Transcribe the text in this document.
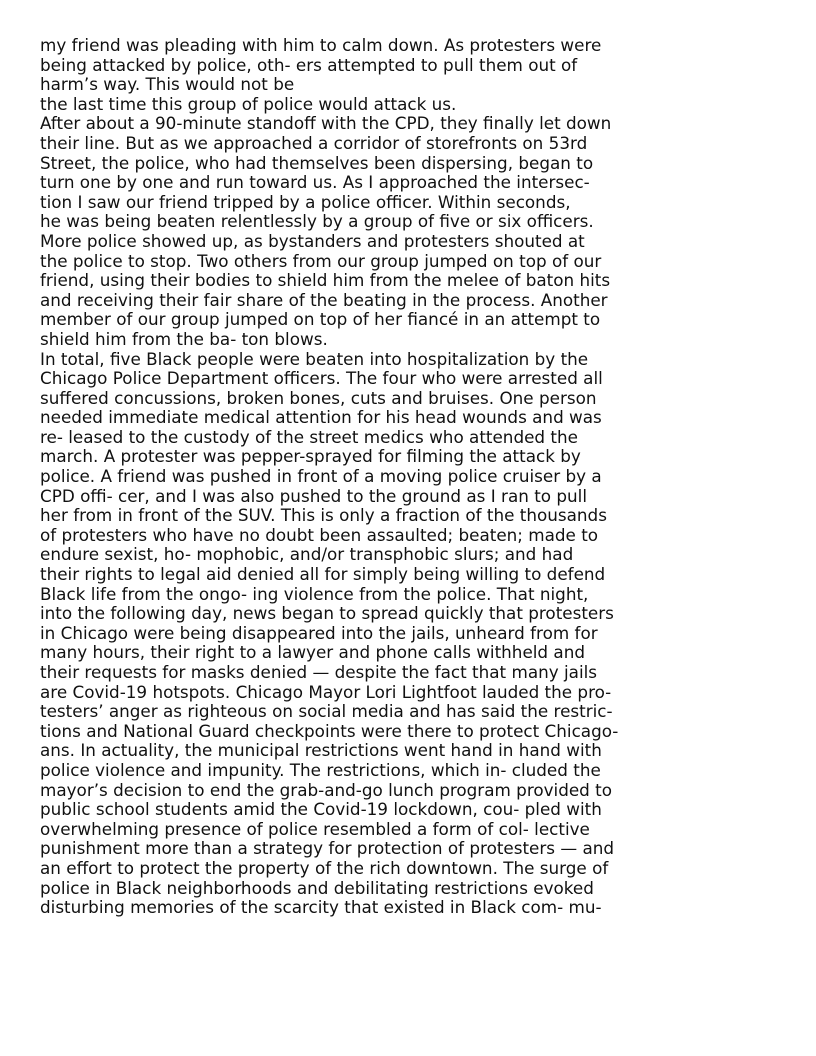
my friend was pleading with him to calm down. As protesters were
being attacked by police, oth- ers attempted to pull them out of
harm’s way. This would not be
the last time this group of police would attack us.
After about a 90-minute standoff with the CPD, they finally let down
their line. But as we approached a corridor of storefronts on 53rd
Street, the police, who had themselves been dispersing, began to
turn one by one and run toward us. As I approached the intersec-
tion I saw our friend tripped by a police officer. Within seconds,
he was being beaten relentlessly by a group of five or six officers.
More police showed up, as bystanders and protesters shouted at
the police to stop. Two others from our group jumped on top of our
friend, using their bodies to shield him from the melee of baton hits
and receiving their fair share of the beating in the process. Another
member of our group jumped on top of her fiancé in an attempt to
shield him from the ba- ton blows.
In total, five Black people were beaten into hospitalization by the
Chicago Police Department officers. The four who were arrested all
suffered concussions, broken bones, cuts and bruises. One person
needed immediate medical attention for his head wounds and was
re- leased to the custody of the street medics who attended the
march. A protester was pepper-sprayed for filming the attack by
police. A friend was pushed in front of a moving police cruiser by a
CPD offi- cer, and I was also pushed to the ground as I ran to pull
her from in front of the SUV. This is only a fraction of the thousands
of protesters who have no doubt been assaulted; beaten; made to
endure sexist, ho- mophobic, and/or transphobic slurs; and had
their rights to legal aid denied all for simply being willing to defend
Black life from the ongo- ing violence from the police. That night,
into the following day, news began to spread quickly that protesters
in Chicago were being disappeared into the jails, unheard from for
many hours, their right to a lawyer and phone calls withheld and
their requests for masks denied — despite the fact that many jails
are Covid-19 hotspots. Chicago Mayor Lori Lightfoot lauded the pro-
testers’ anger as righteous on social media and has said the restric-
tions and National Guard checkpoints were there to protect Chicago-
ans. In actuality, the municipal restrictions went hand in hand with
police violence and impunity. The restrictions, which in- cluded the
mayor’s decision to end the grab-and-go lunch program provided to
public school students amid the Covid-19 lockdown, cou- pled with
overwhelming presence of police resembled a form of col- lective
punishment more than a strategy for protection of protesters — and
an effort to protect the property of the rich downtown. The surge of
police in Black neighborhoods and debilitating restrictions evoked
disturbing memories of the scarcity that existed in Black com- mu-
